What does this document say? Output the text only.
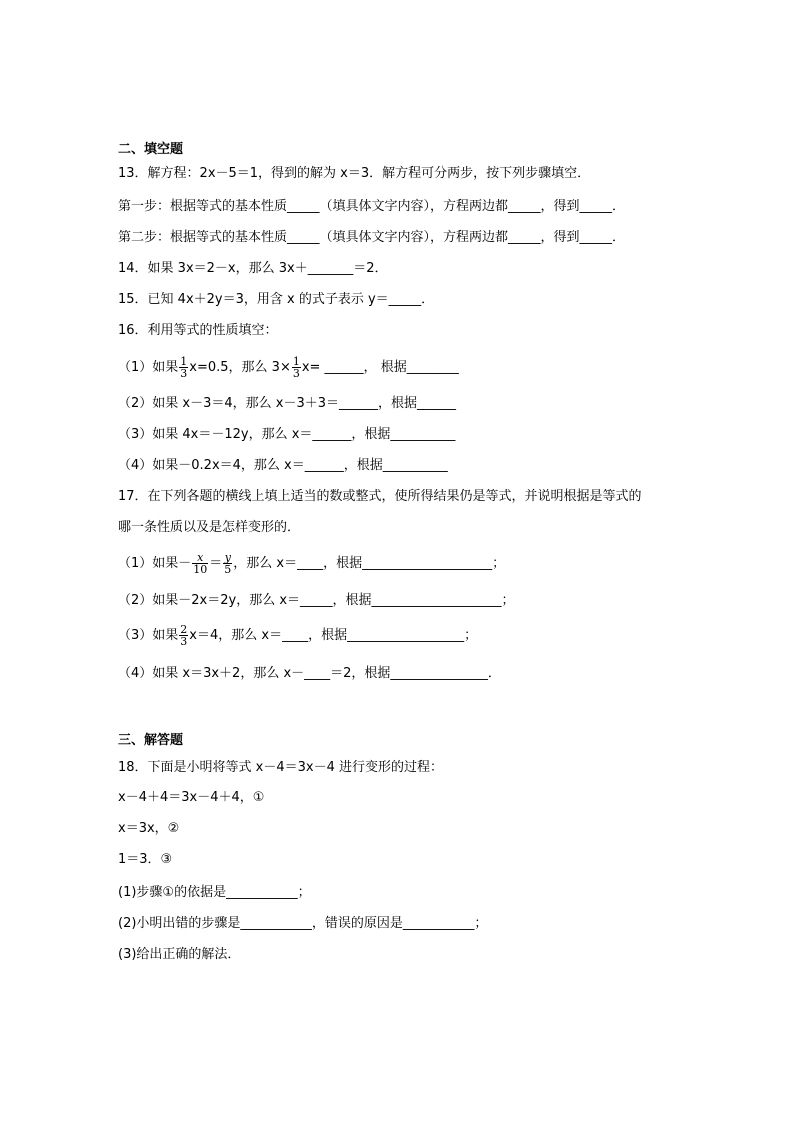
二、填空题
13．解方程：2x－5＝1，得到的解为 x＝3．解方程可分两步，按下列步骤填空．
第一步：根据等式的基本性质_____（填具体文字内容），方程两边都_____，得到_____．
第二步：根据等式的基本性质_____（填具体文字内容），方程两边都_____，得到_____．
14．如果 3x＝2－x，那么 3x＋_______＝2．
15．已知 4x＋2y＝3，用含 x 的式子表示 y＝_____．
16．利用等式的性质填空：
（1）如果 $\frac{1}{3} x=0.5$，那么 $3\times \frac{1}{3} x=$ ______， 根据________
（2）如果 x－3＝4，那么 x－3＋3＝______，根据______
（3）如果 4x＝－12y，那么 x＝______，根据__________
（4）如果－0.2x＝4，那么 x＝______，根据__________
17．在下列各题的横线上填上适当的数或整式，使所得结果仍是等式，并说明根据是等式的
哪一条性质以及是怎样变形的．
（1）如果－ $\frac{x}{10} = \frac{y}{5}$ ，那么 x＝____，根据____________________；
（2）如果－2x＝2y，那么 x＝_____，根据____________________；
（3）如果 $\frac{2}{3} x=4$，那么 x＝____，根据__________________；
（4）如果 x＝3x＋2，那么 x－____＝2，根据_______________．
三、解答题
18．下面是小明将等式 x－4＝3x－4 进行变形的过程：
x－4＋4＝3x－4＋4，①
x＝3x，②
1＝3．③
(1)步骤①的依据是___________；
(2)小明出错的步骤是___________，错误的原因是___________；
(3)给出正确的解法．
